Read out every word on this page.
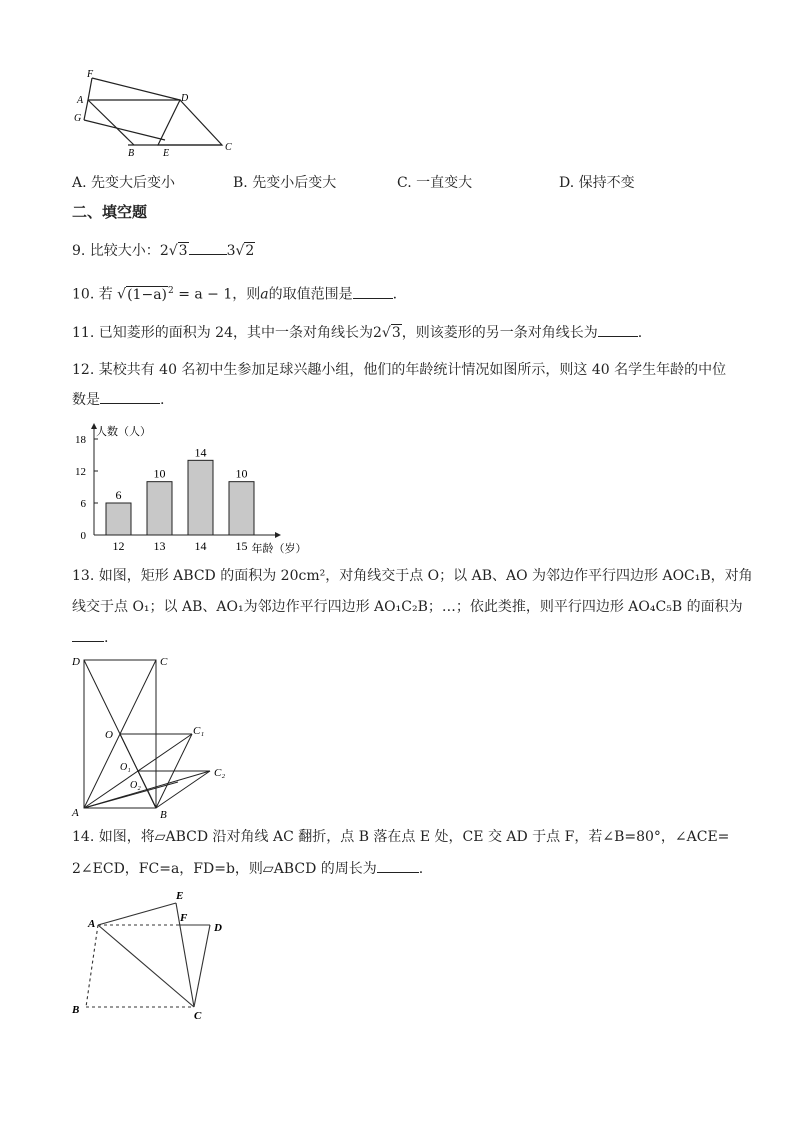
F
A
G
D
B	E
C
A. 先变大后变小	B. 先变小后变大	C. 一直变大	D. 保持不变
二、填空题
9. 比较大小：2√3	3√2
10. 若 $√(1-a)^2 = a - 1$，则a的取值范围是	.
11. 已知菱形的面积为 24，其中一条对角线长为2√3，则该菱形的另一条对角线长为	.
12. 某校共有 40 名初中生参加足球兴趣小组，他们的年龄统计情况如图所示，则这 40 名学生年龄的中位
数是	.
18
12
6
0
人数（人）
年龄（岁）
6
12
10
13
14
14
10
15
13. 如图，矩形 ABCD 的面积为 20cm²，对角线交于点 O；以 AB、AO 为邻边作平行四边形 AOC₁B，对角
线交于点 O₁；以 AB、AO₁为邻边作平行四边形 AO₁C₂B；…；依此类推，则平行四边形 AO₄C₅B 的面积为
.
D	C
O	C₁
O₁
O₂
C₂
A	B
14. 如图，将▱ABCD 沿对角线 AC 翻折，点 B 落在点 E 处，CE 交 AD 于点 F，若∠B=80°，∠ACE=
2∠ECD，FC=a，FD=b，则▱ABCD 的周长为	.
E
A	F
D
B	C
